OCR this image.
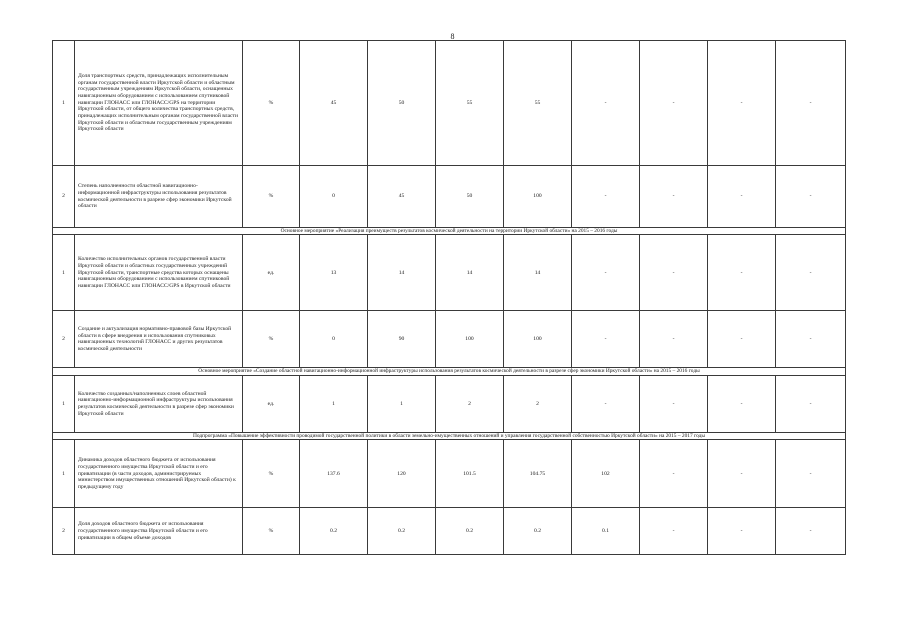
8
1	Доля транспортных средств, принадлежащих исполнительным органам государственной власти Иркутской области и областным государственным учреждениям Иркутской области, оснащенных навигационным оборудованием с использованием спутниковой навигации ГЛОНАСС или ГЛОНАСС/GPS на территории Иркутской области, от общего количества транспортных средств, принадлежащих исполнительным органам государственной власти Иркутской области и областным государственным учреждениям Иркутской области	%	45	50	55	55	-	-	-	-
2	Степень наполненности областной навигационно-информационной инфраструктуры использования результатов космической деятельности в разрезе сфер экономики Иркутской области	%	0	45	50	100	-	-	-	-
Основное мероприятие «Реализация преимуществ результатов космической деятельности на территории Иркутской области» на 2015 – 2016 годы										
1	Количество исполнительных органов государственной власти Иркутской области и областных государственных учреждений Иркутской области, транспортные средства которых оснащены навигационным оборудованием с использованием спутниковой навигации ГЛОНАСС или ГЛОНАСС/GPS в Иркутской области	ед.	13	14	14	14	-	-	-	-
2	Создание и актуализация нормативно-правовой базы Иркутской области в сфере внедрения и использования спутниковых навигационных технологий ГЛОНАСС и других результатов космической деятельности	%	0	90	100	100	-	-	-	-
Основное мероприятие «Создание областной навигационно-информационной инфраструктуры использования результатов космической деятельности в разрезе сфер экономики Иркутской области» на 2015 – 2016 годы										
1	Количество созданных/наполненных слоев областной навигационно-информационной инфраструктуры использования результатов космической деятельности в разрезе сфер экономики Иркутской области	ед.	1	1	2	2	-	-	-	-
Подпрограмма «Повышение эффективности проводимой государственной политики в области земельно-имущественных отношений и управления государственной собственностью Иркутской области» на 2015 – 2017 годы										
1	Динамика доходов областного бюджета от использования государственного имущества Иркутской области и его приватизации (в части доходов, администрируемых министерством имущественных отношений Иркутской области) к предыдущему году	%	137.6	120	101.5	104.75	102	-	-	-
2	Доля доходов областного бюджета от использования государственного имущества Иркутской области и его приватизации в общем объеме доходов	%	0.2	0.2	0.2	0.2	0.1	-	-	-
